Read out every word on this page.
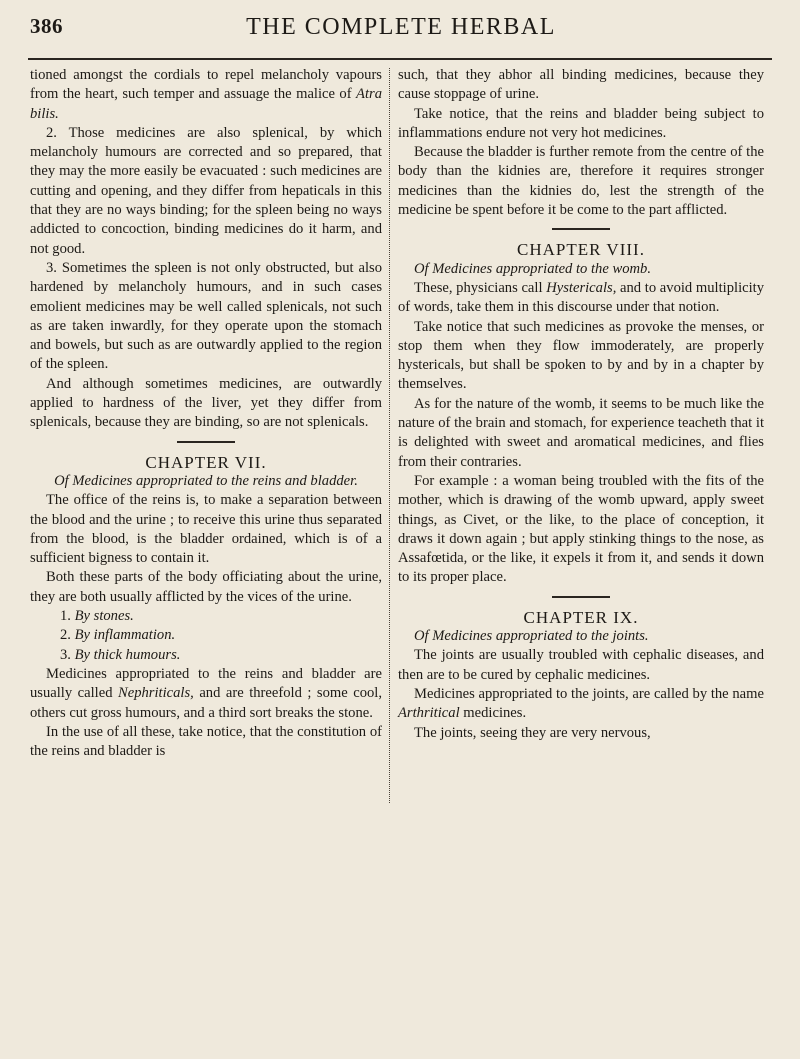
386	THE COMPLETE HERBAL

tioned amongst the cordials to repel melancholy vapours from the heart, such temper and assuage the malice of Atra bilis.

2. Those medicines are also splenical, by which melancholy humours are corrected and so prepared, that they may the more easily be evacuated : such medicines are cutting and opening, and they differ from hepaticals in this that they are no ways binding; for the spleen being no ways addicted to concoction, binding medicines do it harm, and not good.

3. Sometimes the spleen is not only obstructed, but also hardened by melancholy humours, and in such cases emolient medicines may be well called splenicals, not such as are taken inwardly, for they operate upon the stomach and bowels, but such as are outwardly applied to the region of the spleen.

And although sometimes medicines, are outwardly applied to hardness of the liver, yet they differ from splenicals, because they are binding, so are not splenicals.

CHAPTER VII.

Of Medicines appropriated to the reins and bladder.

The office of the reins is, to make a separation between the blood and the urine ; to receive this urine thus separated from the blood, is the bladder ordained, which is of a sufficient bigness to contain it.

Both these parts of the body officiating about the urine, they are both usually afflicted by the vices of the urine.

1. By stones.

2. By inflammation.

3. By thick humours.

Medicines appropriated to the reins and bladder are usually called Nephriticals, and are threefold ; some cool, others cut gross humours, and a third sort breaks the stone.

In the use of all these, take notice, that the constitution of the reins and bladder is

such, that they abhor all binding medicines, because they cause stoppage of urine.

Take notice, that the reins and bladder being subject to inflammations endure not very hot medicines.

Because the bladder is further remote from the centre of the body than the kidnies are, therefore it requires stronger medicines than the kidnies do, lest the strength of the medicine be spent before it be come to the part afflicted.

CHAPTER VIII.

Of Medicines appropriated to the womb.

These, physicians call Hystericals, and to avoid multiplicity of words, take them in this discourse under that notion.

Take notice that such medicines as provoke the menses, or stop them when they flow immoderately, are properly hystericals, but shall be spoken to by and by in a chapter by themselves.

As for the nature of the womb, it seems to be much like the nature of the brain and stomach, for experience teacheth that it is delighted with sweet and aromatical medicines, and flies from their contraries.

For example : a woman being troubled with the fits of the mother, which is drawing of the womb upward, apply sweet things, as Civet, or the like, to the place of conception, it draws it down again ; but apply stinking things to the nose, as Assafœtida, or the like, it expels it from it, and sends it down to its proper place.

CHAPTER IX.

Of Medicines appropriated to the joints.

The joints are usually troubled with cephalic diseases, and then are to be cured by cephalic medicines.

Medicines appropriated to the joints, are called by the name Arthritical medicines.

The joints, seeing they are very nervous,
